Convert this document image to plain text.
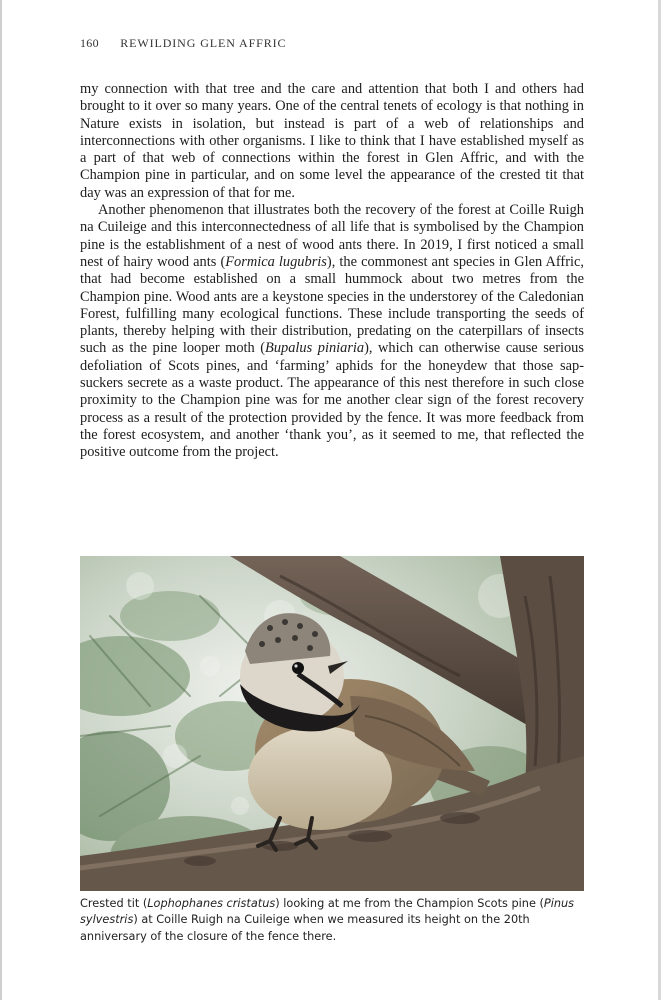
160 REWILDING GLEN AFFRIC

my connection with that tree and the care and attention that both I and others had brought to it over so many years. One of the central tenets of ecology is that nothing in Nature exists in isolation, but instead is part of a web of relationships and interconnections with other organisms. I like to think that I have established myself as a part of that web of connections within the forest in Glen Affric, and with the Champion pine in particular, and on some level the appearance of the crested tit that day was an expression of that for me.

Another phenomenon that illustrates both the recovery of the forest at Coille Ruigh na Cuileige and this interconnectedness of all life that is symbolised by the Champion pine is the establishment of a nest of wood ants there. In 2019, I first noticed a small nest of hairy wood ants (Formica lugubris), the commonest ant species in Glen Affric, that had become established on a small hummock about two metres from the Champion pine. Wood ants are a keystone species in the understorey of the Caledonian Forest, fulfilling many ecological functions. These include transporting the seeds of plants, thereby helping with their distribution, predating on the caterpillars of insects such as the pine looper moth (Bupalus piniaria), which can otherwise cause serious defoliation of Scots pines, and ‘farming’ aphids for the honeydew that those sap-suckers secrete as a waste product. The appearance of this nest therefore in such close proximity to the Champion pine was for me another clear sign of the forest recovery process as a result of the protection provided by the fence. It was more feedback from the forest ecosystem, and another ‘thank you’, as it seemed to me, that reflected the positive outcome from the project.

Crested tit (Lophophanes cristatus) looking at me from the Champion Scots pine (Pinus sylvestris) at Coille Ruigh na Cuileige when we measured its height on the 20th anniversary of the closure of the fence there.
